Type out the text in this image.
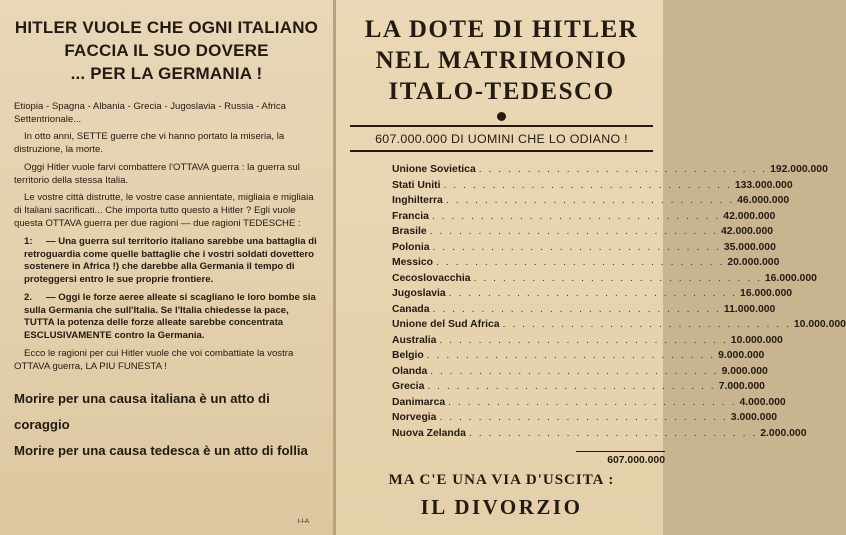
HITLER VUOLE CHE OGNI ITALIANO
FACCIA IL SUO DOVERE
... PER LA GERMANIA !

Etiopia - Spagna - Albania - Grecia - Jugoslavia - Russia - Africa Settentrionale...

In otto anni, SETTE guerre che vi hanno portato la miseria, la distruzione, la morte.

Oggi Hitler vuole farvi combattere l'OTTAVA guerra : la guerra sul territorio della stessa Italia.

Le vostre città distrutte, le vostre case annientate, migliaia e migliaia di Italiani sacrificati... Che importa tutto questo a Hitler ? Egli vuole questa OTTAVA guerra per due ragioni — due ragioni TEDESCHE :

1: — Una guerra sul territorio italiano sarebbe una battaglia di retroguardia come quelle battaglie che i vostri soldati dovettero sostenere in Africa !) che darebbe alla Germania il tempo di proteggersi entro le sue proprie frontiere.
2. — Oggi le forze aeree alleate si scagliano le loro bombe sia sulla Germania che sull'Italia. Se l'Italia chiedesse la pace, TUTTA la potenza delle forze alleate sarebbe concentrata ESCLUSIVAMENTE contro la Germania.

Ecco le ragioni per cui Hitler vuole che voi combattiate la vostra OTTAVA guerra, LA PIU FUNESTA !

Morire per una causa italiana è un atto di coraggio
Morire per una causa tedesca è un atto di follia
I-I-A
LA DOTE DI HITLER
NEL MATRIMONIO
ITALO-TEDESCO
607.000.000 DI UOMINI CHE LO ODIANO !
Unione Sovietica . . . . . . . . . . . . . . . . . . . . . . . . . . . . . . 192.000.000
Stati Uniti . . . . . . . . . . . . . . . . . . . . . . . . . . . . . . 133.000.000
Inghilterra . . . . . . . . . . . . . . . . . . . . . . . . . . . . . . 46.000.000
Francia . . . . . . . . . . . . . . . . . . . . . . . . . . . . . . 42.000.000
Brasile . . . . . . . . . . . . . . . . . . . . . . . . . . . . . . 42.000.000
Polonia . . . . . . . . . . . . . . . . . . . . . . . . . . . . . . 35.000.000
Messico . . . . . . . . . . . . . . . . . . . . . . . . . . . . . . 20.000.000
Cecoslovacchia . . . . . . . . . . . . . . . . . . . . . . . . . . . . . . 16.000.000
Jugoslavia . . . . . . . . . . . . . . . . . . . . . . . . . . . . . . 16.000.000
Canada . . . . . . . . . . . . . . . . . . . . . . . . . . . . . . 11.000.000
Unione del Sud Africa . . . . . . . . . . . . . . . . . . . . . . . . . . . . . . 10.000.000
Australia . . . . . . . . . . . . . . . . . . . . . . . . . . . . . . 10.000.000
Belgio . . . . . . . . . . . . . . . . . . . . . . . . . . . . . . 9.000.000
Olanda . . . . . . . . . . . . . . . . . . . . . . . . . . . . . . 9.000.000
Grecia . . . . . . . . . . . . . . . . . . . . . . . . . . . . . . 7.000.000
Danimarca . . . . . . . . . . . . . . . . . . . . . . . . . . . . . . 4.000.000
Norvegia . . . . . . . . . . . . . . . . . . . . . . . . . . . . . . 3.000.000
Nuova Zelanda . . . . . . . . . . . . . . . . . . . . . . . . . . . . . . 2.000.000
607.000.000
MA C'E UNA VIA D'USCITA :
IL DIVORZIO
